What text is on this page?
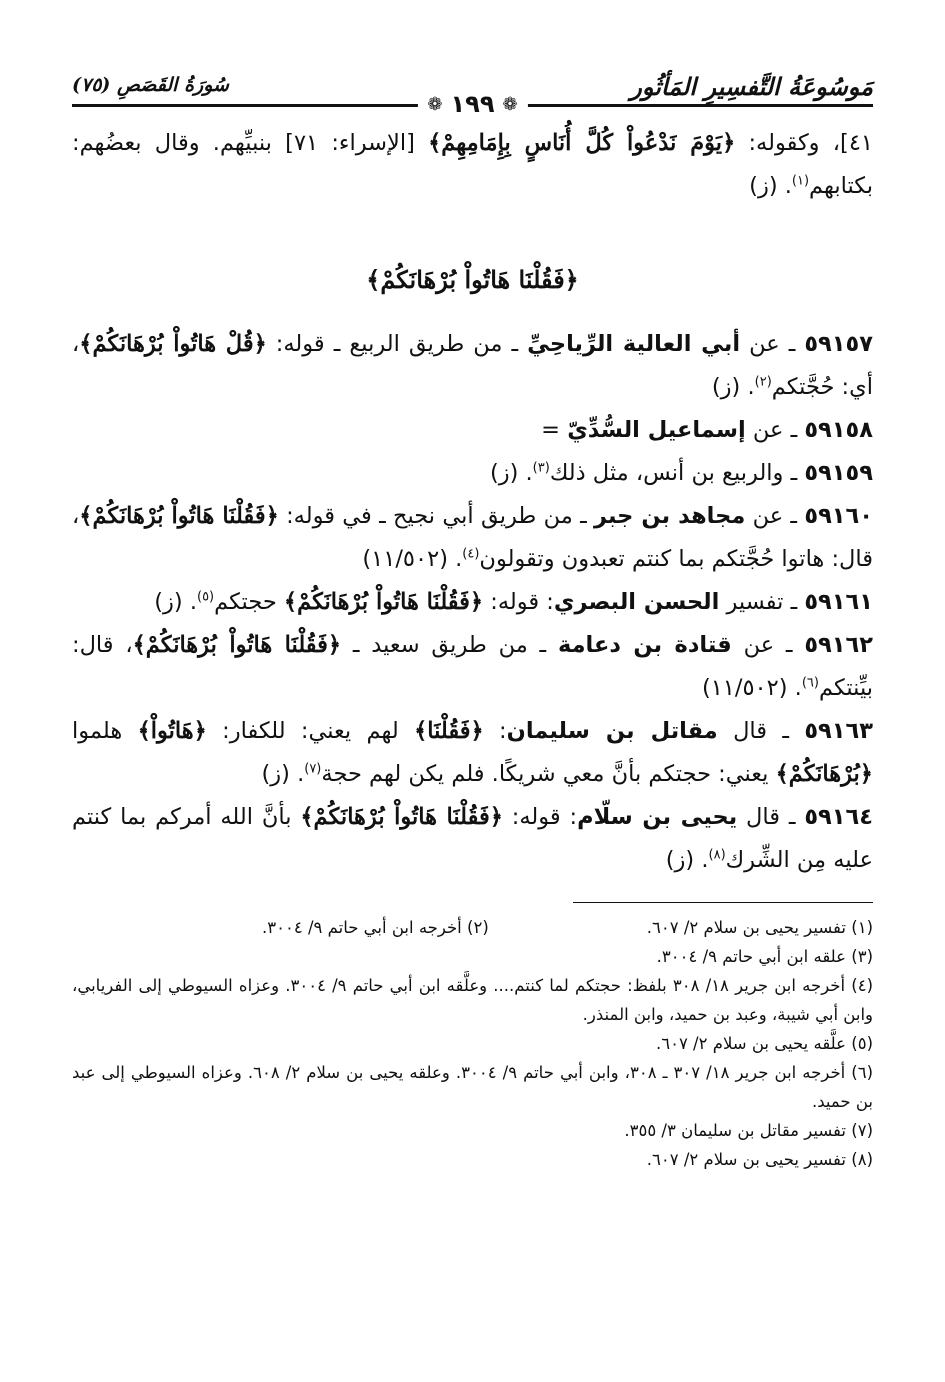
مَوسُوعَةُ التَّفسِيرِ المَأثُور
سُورَةُ القَصَصِ (٧٥)
❁
١٩٩
❁

٤١]، وكقوله: ﴿يَوْمَ نَدْعُواْ كُلَّ أُنَاسٍ بِإِمَامِهِمْ﴾ [الإسراء: ٧١] بنبيِّهم. وقال بعضُهم: بكتابهم$^{(١)}$. (ز)

﴿فَقُلْنَا هَاتُواْ بُرْهَانَكُمْ﴾

٥٩١٥٧ ـ عن أبي العالية الرِّياحِيِّ ـ من طريق الربيع ـ قوله: ﴿قُلْ هَاتُواْ بُرْهَانَكُمْ﴾، أي: حُجَّتكم$^{(٢)}$. (ز)

٥٩١٥٨ ـ عن إسماعيل السُّدِّيّ =

٥٩١٥٩ ـ والربيع بن أنس، مثل ذلك$^{(٣)}$. (ز)

٥٩١٦٠ ـ عن مجاهد بن جبر ـ من طريق أبي نجيح ـ في قوله: ﴿فَقُلْنَا هَاتُواْ بُرْهَانَكُمْ﴾، قال: هاتوا حُجَّتكم بما كنتم تعبدون وتقولون$^{(٤)}$. (١١/٥٠٢)

٥٩١٦١ ـ تفسير الحسن البصري: قوله: ﴿فَقُلْنَا هَاتُواْ بُرْهَانَكُمْ﴾ حجتكم$^{(٥)}$. (ز)

٥٩١٦٢ ـ عن قتادة بن دعامة ـ من طريق سعيد ـ ﴿فَقُلْنَا هَاتُواْ بُرْهَانَكُمْ﴾، قال: بيِّنتكم$^{(٦)}$. (١١/٥٠٢)

٥٩١٦٣ ـ قال مقاتل بن سليمان: ﴿فَقُلْنَا﴾ لهم يعني: للكفار: ﴿هَاتُواْ﴾ هلموا ﴿بُرْهَانَكُمْ﴾ يعني: حجتكم بأنَّ معي شريكًا. فلم يكن لهم حجة$^{(٧)}$. (ز)

٥٩١٦٤ ـ قال يحيى بن سلّام: قوله: ﴿فَقُلْنَا هَاتُواْ بُرْهَانَكُمْ﴾ بأنَّ الله أمركم بما كنتم عليه مِن الشِّرك$^{(٨)}$. (ز)

(١) تفسير يحيى بن سلام ٢/ ٦٠٧.
(٢) أخرجه ابن أبي حاتم ٩/ ٣٠٠٤.

(٣) علقه ابن أبي حاتم ٩/ ٣٠٠٤.

(٤) أخرجه ابن جرير ١٨/ ٣٠٨ بلفظ: حجتكم لما كنتم.... وعلَّقه ابن أبي حاتم ٩/ ٣٠٠٤. وعزاه السيوطي إلى الفريابي، وابن أبي شيبة، وعبد بن حميد، وابن المنذر.

(٥) علَّقه يحيى بن سلام ٢/ ٦٠٧.

(٦) أخرجه ابن جرير ١٨/ ٣٠٧ ـ ٣٠٨، وابن أبي حاتم ٩/ ٣٠٠٤. وعلقه يحيى بن سلام ٢/ ٦٠٨. وعزاه السيوطي إلى عبد بن حميد.

(٧) تفسير مقاتل بن سليمان ٣/ ٣٥٥.

(٨) تفسير يحيى بن سلام ٢/ ٦٠٧.
